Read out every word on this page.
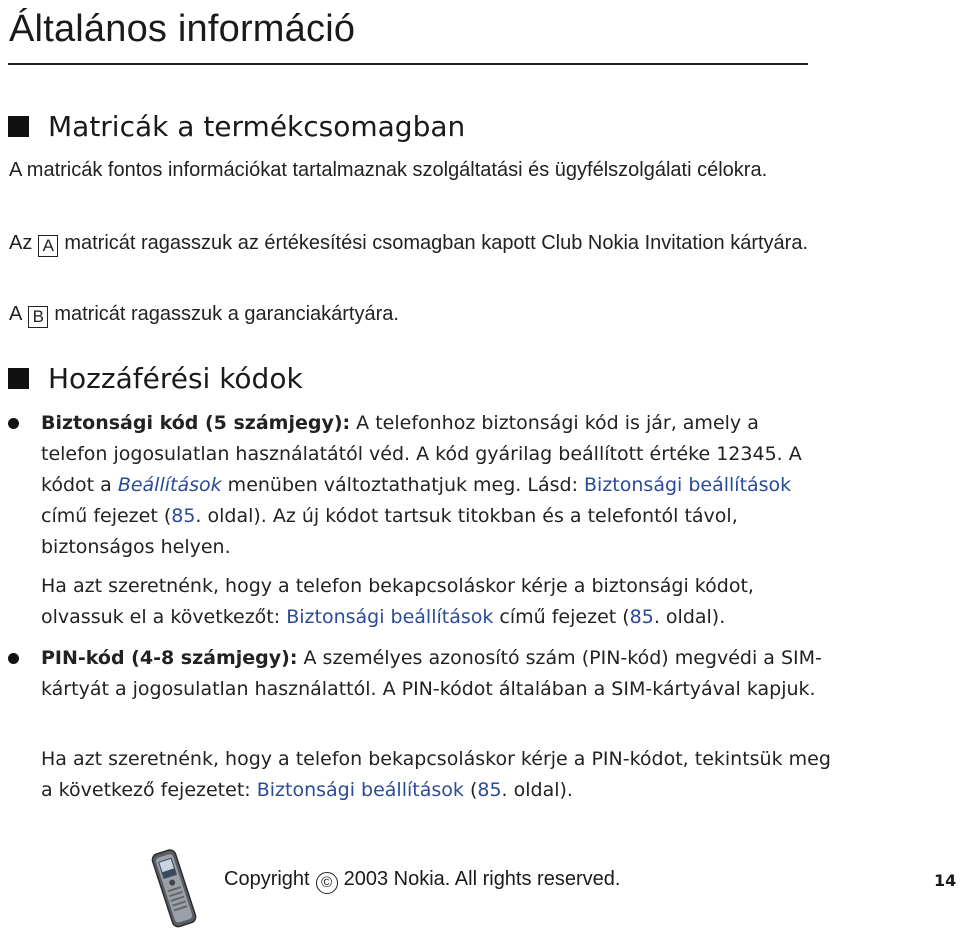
Általános információ
Matricák a termékcsomagban

A matricák fontos információkat tartalmaznak szolgáltatási és ügyfélszolgálati célokra.

Az A matricát ragasszuk az értékesítési csomagban kapott Club Nokia Invitation kártyára.

A B matricát ragasszuk a garanciakártyára.

Hozzáférési kódok

Biztonsági kód (5 számjegy): A telefonhoz biztonsági kód is jár, amely a telefon jogosulatlan használatától véd. A kód gyárilag beállított értéke 12345. A kódot a Beállítások menüben változtathatjuk meg. Lásd: Biztonsági beállítások című fejezet (85. oldal). Az új kódot tartsuk titokban és a telefontól távol, biztonságos helyen.

Ha azt szeretnénk, hogy a telefon bekapcsoláskor kérje a biztonsági kódot, olvassuk el a következőt: Biztonsági beállítások című fejezet (85. oldal).

PIN-kód (4-8 számjegy): A személyes azonosító szám (PIN-kód) megvédi a SIM-kártyát a jogosulatlan használattól. A PIN-kódot általában a SIM-kártyával kapjuk.

Ha azt szeretnénk, hogy a telefon bekapcsoláskor kérje a PIN-kódot, tekintsük meg a következő fejezetet: Biztonsági beállítások (85. oldal).

Copyright © 2003 Nokia. All rights reserved.	14
